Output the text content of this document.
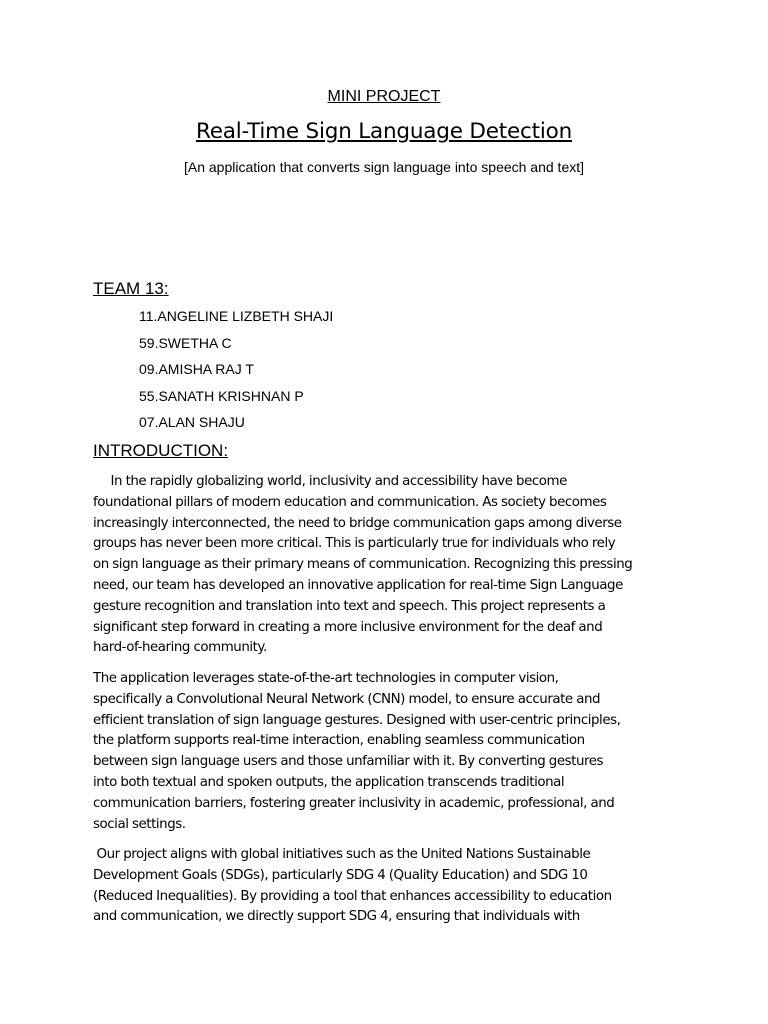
MINI PROJECT
Real-Time Sign Language Detection
[An application that converts sign language into speech and text]
TEAM 13:
11.ANGELINE LIZBETH SHAJI
59.SWETHA C
09.AMISHA RAJ T
55.SANATH KRISHNAN P
07.ALAN SHAJU
INTRODUCTION:
In the rapidly globalizing world, inclusivity and accessibility have become
foundational pillars of modern education and communication. As society becomes
increasingly interconnected, the need to bridge communication gaps among diverse
groups has never been more critical. This is particularly true for individuals who rely
on sign language as their primary means of communication. Recognizing this pressing
need, our team has developed an innovative application for real-time Sign Language
gesture recognition and translation into text and speech. This project represents a
significant step forward in creating a more inclusive environment for the deaf and
hard-of-hearing community.
The application leverages state-of-the-art technologies in computer vision,
specifically a Convolutional Neural Network (CNN) model, to ensure accurate and
efficient translation of sign language gestures. Designed with user-centric principles,
the platform supports real-time interaction, enabling seamless communication
between sign language users and those unfamiliar with it. By converting gestures
into both textual and spoken outputs, the application transcends traditional
communication barriers, fostering greater inclusivity in academic, professional, and
social settings.
Our project aligns with global initiatives such as the United Nations Sustainable
Development Goals (SDGs), particularly SDG 4 (Quality Education) and SDG 10
(Reduced Inequalities). By providing a tool that enhances accessibility to education
and communication, we directly support SDG 4, ensuring that individuals with
